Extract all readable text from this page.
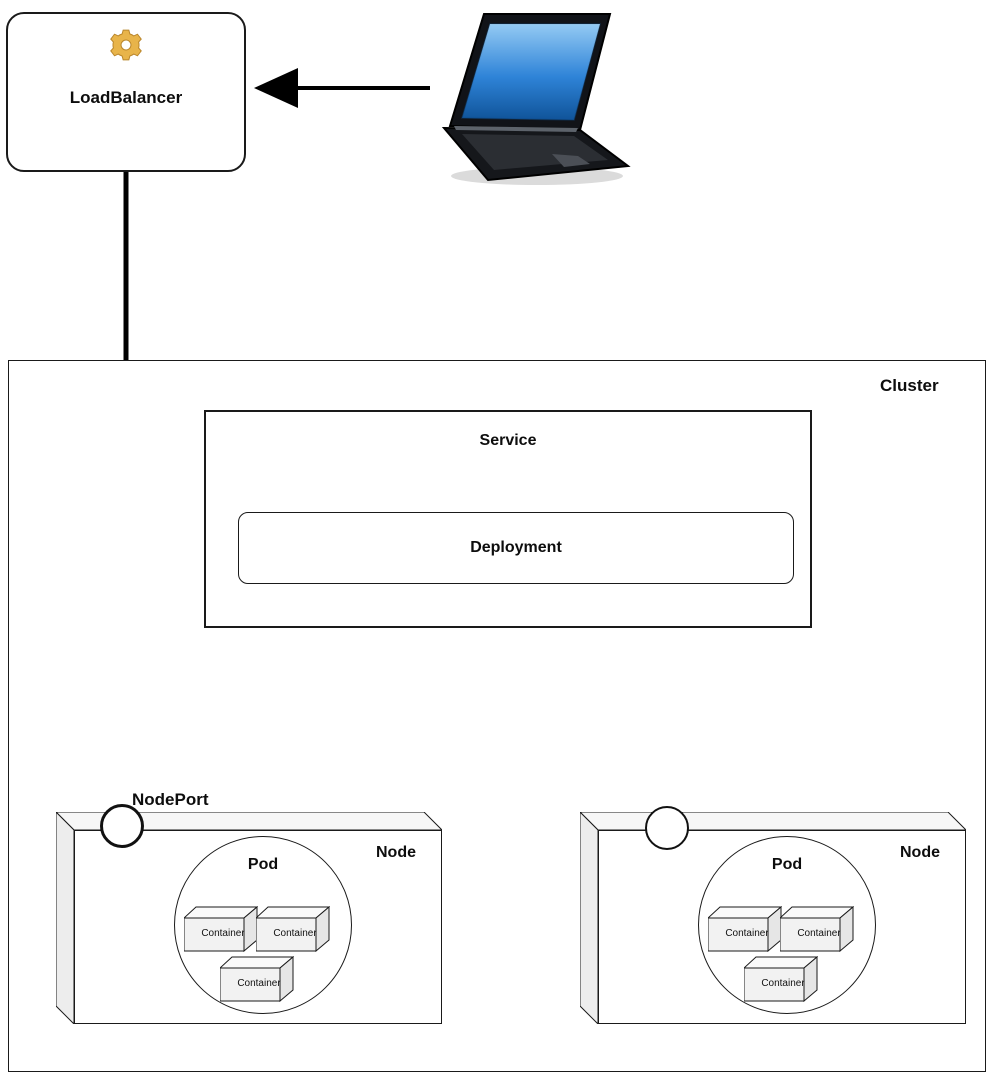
LoadBalancer
Cluster
Service
Deployment
Node
Pod
Container	Container
Container
Node
Pod
Container	Container
Container
NodePort
